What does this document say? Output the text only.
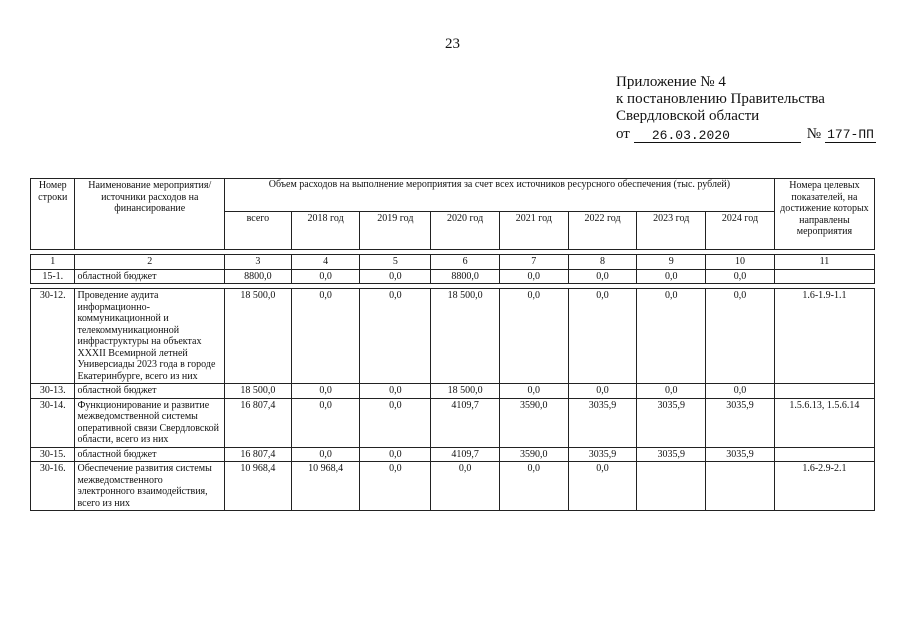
23
Приложение № 4
к постановлению Правительства
Свердловской области
от	26.03.2020	№ 177-ПП
Номер строки	Наименование мероприятия/ источники расходов на финансирование	Объем расходов на выполнение мероприятия за счет всех источников ресурсного обеспечения (тыс. рублей)								Номера целевых показателей, на достижение которых направлены мероприятия
		всего	2018 год	2019 год	2020 год	2021 год	2022 год	2023 год	2024 год	

1	2	3	4	5	6	7	8	9	10	11
15-1.	областной бюджет	8800,0	0,0	0,0	8800,0	0,0	0,0	0,0	0,0	

30-12.	Проведение аудита информационно-коммуникационной и телекоммуникационной инфраструктуры на объектах XXXII Всемирной летней Универсиады 2023 года в городе Екатеринбурге, всего из них	18 500,0	0,0	0,0	18 500,0	0,0	0,0	0,0	0,0	1.6-1.9-1.1
30-13.	областной бюджет	18 500,0	0,0	0,0	18 500,0	0,0	0,0	0,0	0,0	
30-14.	Функционирование и развитие межведомственной системы оперативной связи Свердловской области, всего из них	16 807,4	0,0	0,0	4109,7	3590,0	3035,9	3035,9	3035,9	1.5.6.13, 1.5.6.14
30-15.	областной бюджет	16 807,4	0,0	0,0	4109,7	3590,0	3035,9	3035,9	3035,9	
30-16.	Обеспечение развития системы межведомственного электронного взаимодействия, всего из них	10 968,4	10 968,4	0,0	0,0	0,0	0,0			1.6-2.9-2.1
